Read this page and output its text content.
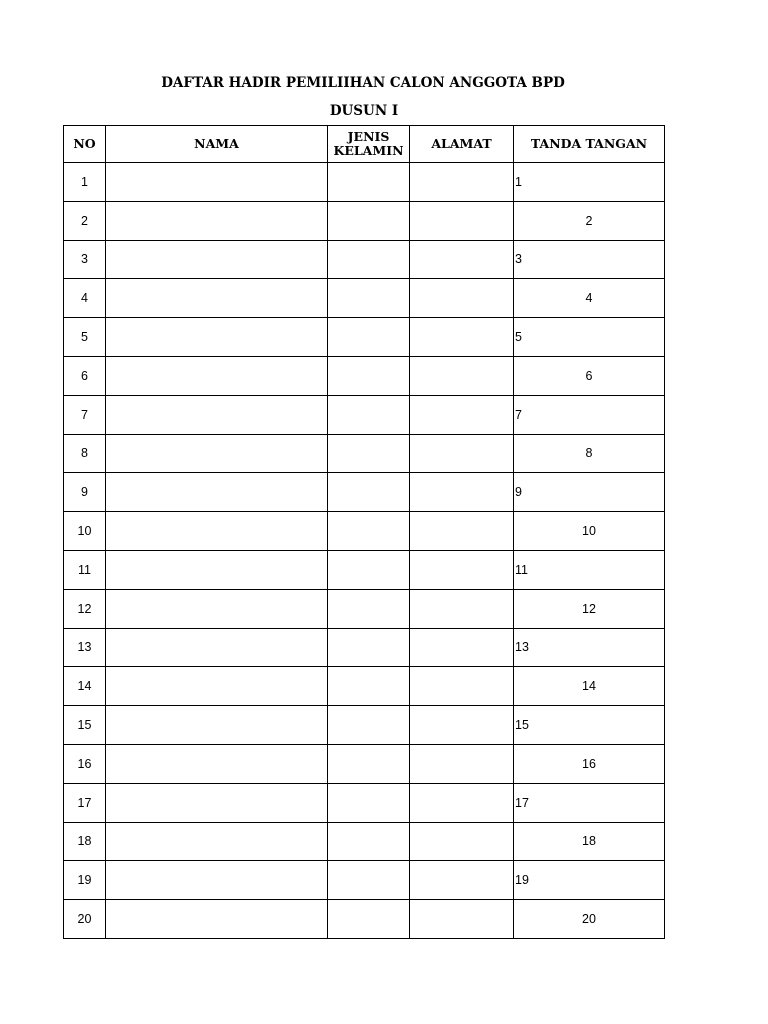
DAFTAR HADIR PEMILIIHAN CALON ANGGOTA BPD
DUSUN I
NO	NAMA	JENIS KELAMIN	ALAMAT	TANDA TANGAN
1				1
2				2
3				3
4				4
5				5
6				6
7				7
8				8
9				9
10				10
11				11
12				12
13				13
14				14
15				15
16				16
17				17
18				18
19				19
20				20
